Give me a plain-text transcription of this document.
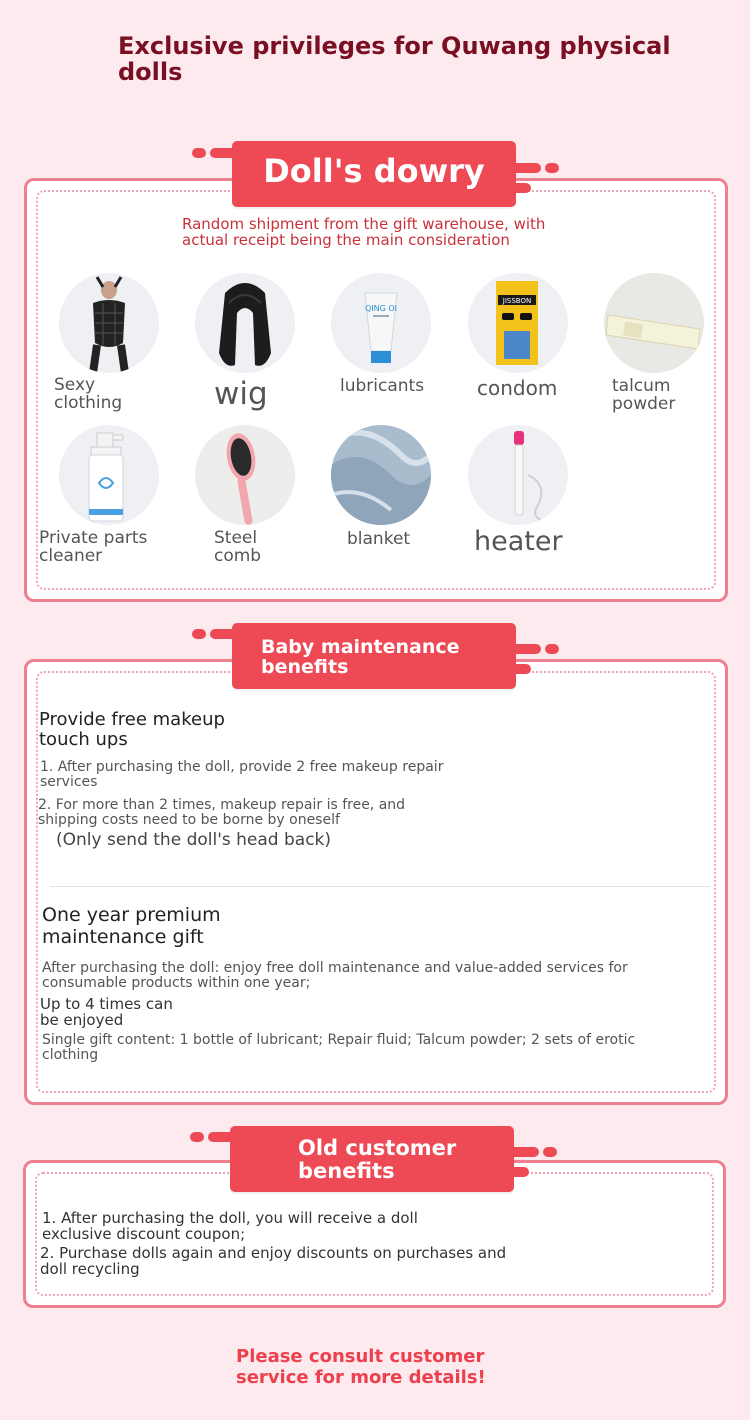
Exclusive privileges for Quwang physical dolls
Doll's dowry
Random shipment from the gift warehouse, with actual receipt being the main consideration
Sexy clothing	wig
QING OI
lubricants
JISSBON
condom	talcum powder
Private parts cleaner
Steel comb
blanket	heater
Baby maintenance benefits
Provide free makeup touch ups
1. After purchasing the doll, provide 2 free makeup repair services
2. For more than 2 times, makeup repair is free, and shipping costs need to be borne by oneself
(Only send the doll's head back)
One year premium maintenance gift
After purchasing the doll: enjoy free doll maintenance and value-added services for consumable products within one year;
Up to 4 times can be enjoyed
Single gift content: 1 bottle of lubricant; Repair fluid; Talcum powder; 2 sets of erotic clothing
Old customer benefits
1. After purchasing the doll, you will receive a doll exclusive discount coupon;
2. Purchase dolls again and enjoy discounts on purchases and doll recycling
Please consult customer service for more details!
